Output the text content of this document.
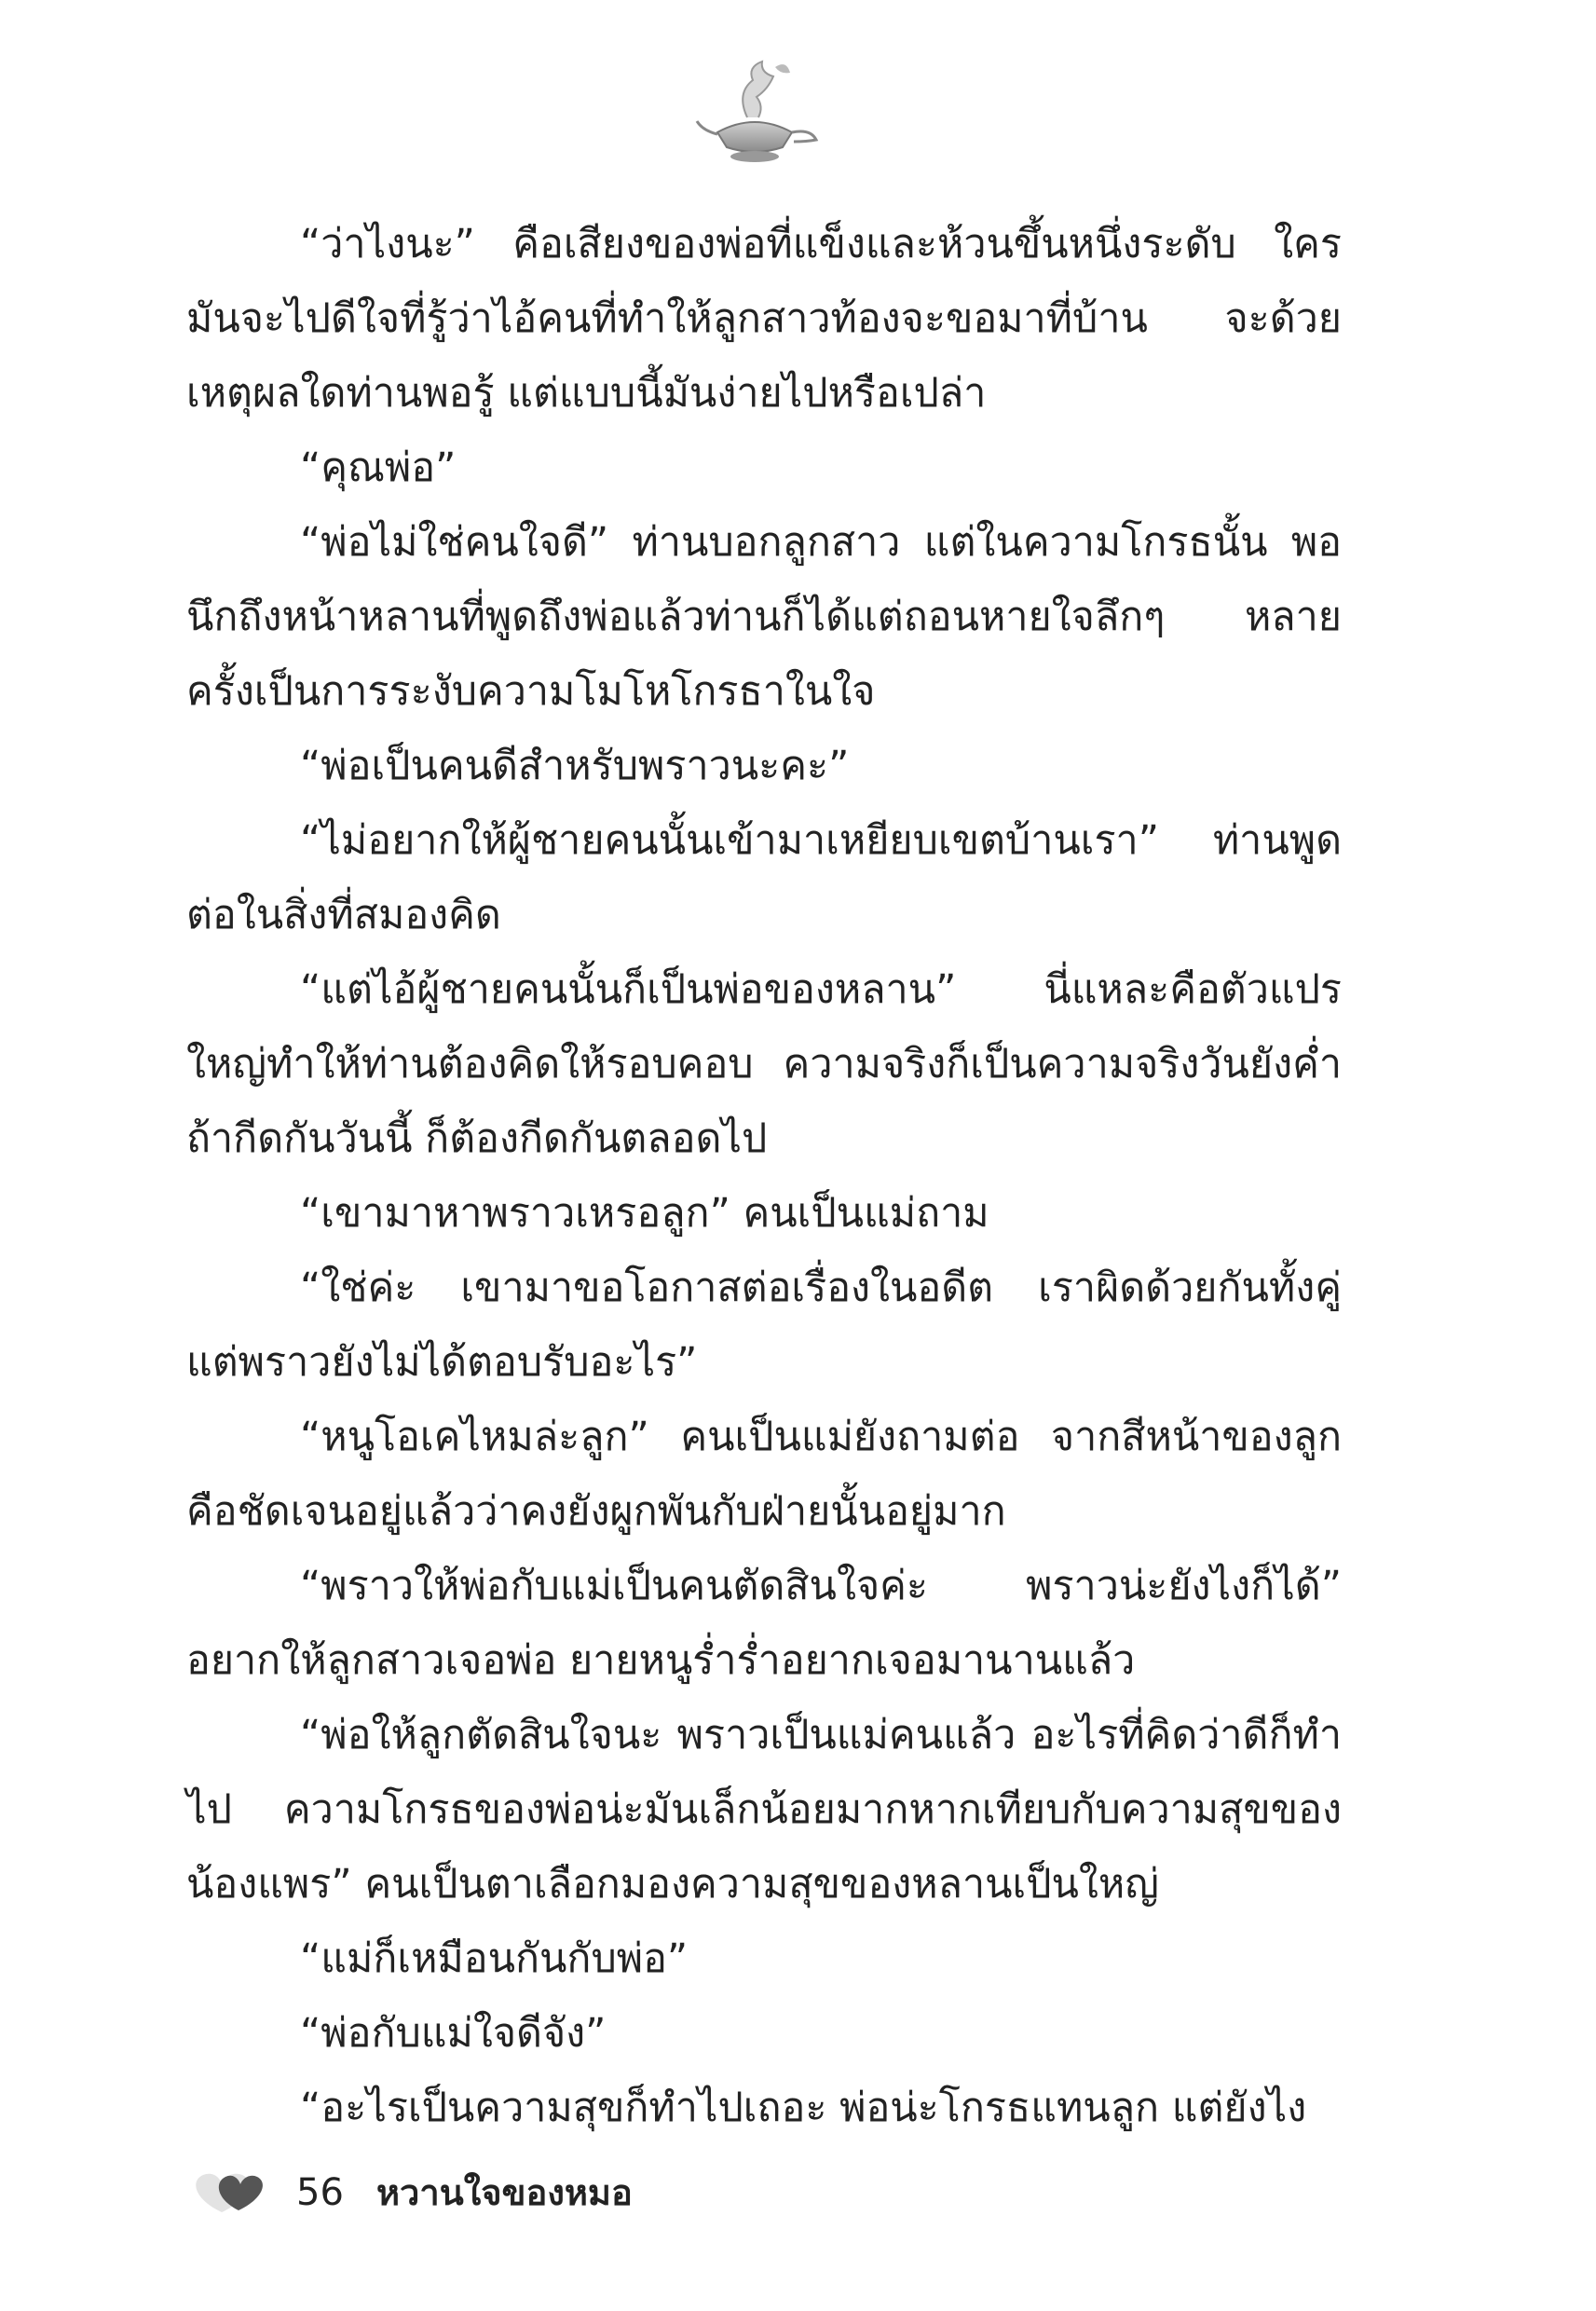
“ว่าไงนะ” คือเสียงของพ่อที่แข็งและห้วนขึ้นหนึ่งระดับ ใครมันจะไปดีใจที่รู้ว่าไอ้คนที่ทำให้ลูกสาวท้องจะขอมาที่บ้าน จะด้วยเหตุผลใดท่านพอรู้ แต่แบบนี้มันง่ายไปหรือเปล่า

“คุณพ่อ”

“พ่อไม่ใช่คนใจดี” ท่านบอกลูกสาว แต่ในความโกรธนั้น พอนึกถึงหน้าหลานที่พูดถึงพ่อแล้วท่านก็ได้แต่ถอนหายใจลึกๆ หลายครั้งเป็นการระงับความโมโหโกรธาในใจ

“พ่อเป็นคนดีสำหรับพราวนะคะ”

“ไม่อยากให้ผู้ชายคนนั้นเข้ามาเหยียบเขตบ้านเรา” ท่านพูดต่อในสิ่งที่สมองคิด

“แต่ไอ้ผู้ชายคนนั้นก็เป็นพ่อของหลาน” นี่แหละคือตัวแปรใหญ่ทำให้ท่านต้องคิดให้รอบคอบ ความจริงก็เป็นความจริงวันยังค่ำ ถ้ากีดกันวันนี้ ก็ต้องกีดกันตลอดไป

“เขามาหาพราวเหรอลูก” คนเป็นแม่ถาม

“ใช่ค่ะ เขามาขอโอกาสต่อเรื่องในอดีต เราผิดด้วยกันทั้งคู่ แต่พราวยังไม่ได้ตอบรับอะไร”

“หนูโอเคไหมล่ะลูก” คนเป็นแม่ยังถามต่อ จากสีหน้าของลูกคือชัดเจนอยู่แล้วว่าคงยังผูกพันกับฝ่ายนั้นอยู่มาก

“พราวให้พ่อกับแม่เป็นคนตัดสินใจค่ะ พราวน่ะยังไงก็ได้” อยากให้ลูกสาวเจอพ่อ ยายหนูร่ำร่ำอยากเจอมานานแล้ว

“พ่อให้ลูกตัดสินใจนะ พราวเป็นแม่คนแล้ว อะไรที่คิดว่าดีก็ทำไป ความโกรธของพ่อน่ะมันเล็กน้อยมากหากเทียบกับความสุขของน้องแพร” คนเป็นตาเลือกมองความสุขของหลานเป็นใหญ่

“แม่ก็เหมือนกันกับพ่อ”

“พ่อกับแม่ใจดีจัง”

“อะไรเป็นความสุขก็ทำไปเถอะ พ่อน่ะโกรธแทนลูก แต่ยังไง

56 หวานใจของหมอ
